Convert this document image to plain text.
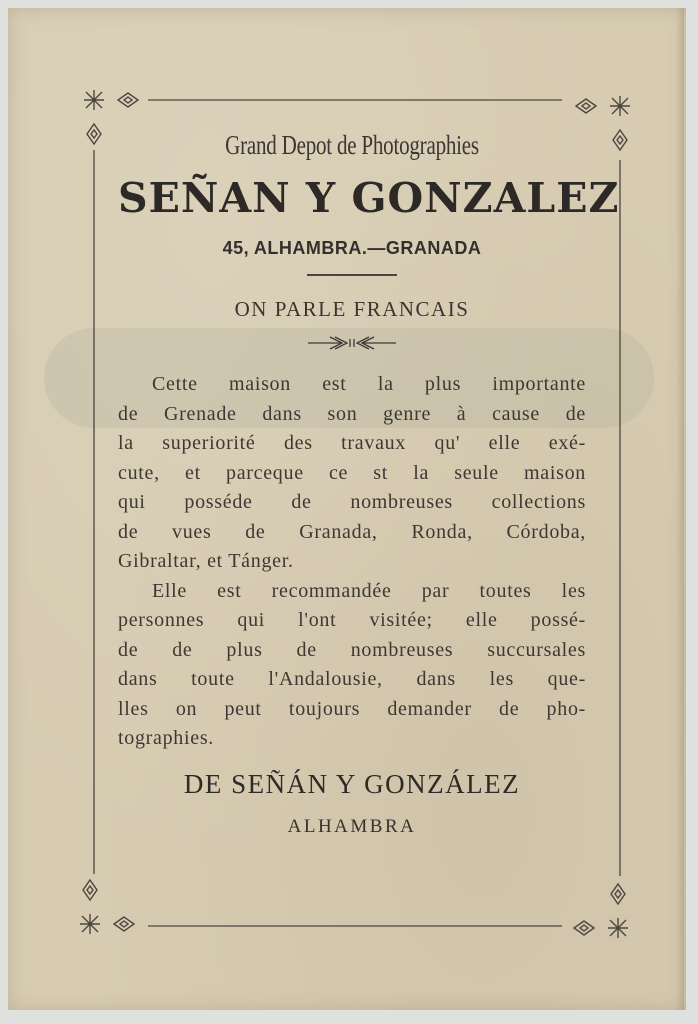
Grand Depot de Photographies
SEÑAN Y GONZALEZ
45, ALHAMBRA.—GRANADA
ON PARLE FRANCAIS
Cette maison est la plus importante
de Grenade dans son genre à cause de
la superiorité des travaux qu' elle exé-
cute, et parceque ce st la seule maison
qui posséde de nombreuses collections
de vues de Granada, Ronda, Córdoba,
Gibraltar, et Tánger.
Elle est recommandée par toutes les
personnes qui l'ont visitée; elle possé-
de de plus de nombreuses succursales
dans toute l'Andalousie, dans les que-
lles on peut toujours demander de pho-
tographies.
DE SEÑÁN Y GONZÁLEZ
ALHAMBRA
